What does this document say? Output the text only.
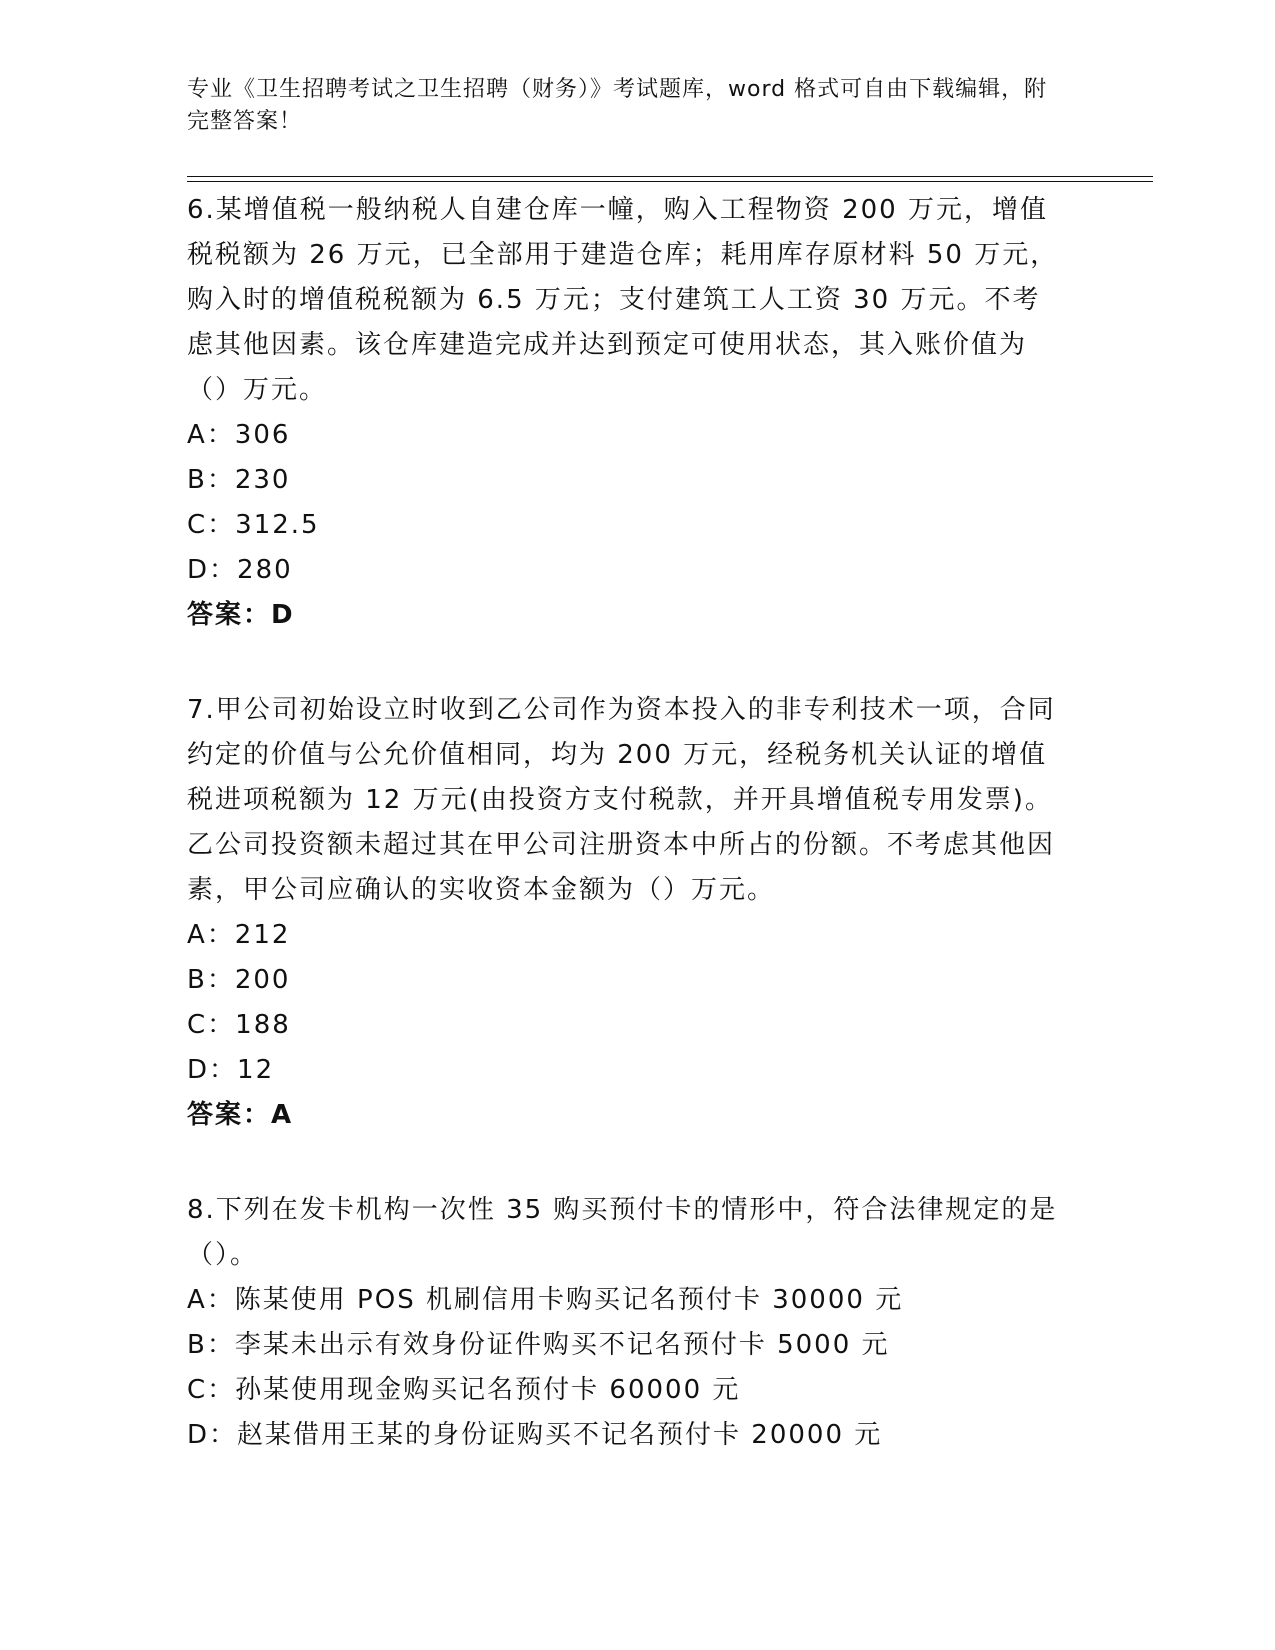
专业《卫生招聘考试之卫生招聘（财务）》考试题库，word 格式可自由下载编辑，附完整答案！

6.某增值税一般纳税人自建仓库一幢，购入工程物资 200 万元，增值税税额为 26 万元，已全部用于建造仓库；耗用库存原材料 50 万元，购入时的增值税税额为 6.5 万元；支付建筑工人工资 30 万元。不考虑其他因素。该仓库建造完成并达到预定可使用状态，其入账价值为（）万元。

A：306

B：230

C：312.5

D：280

答案：D

7.甲公司初始设立时收到乙公司作为资本投入的非专利技术一项，合同约定的价值与公允价值相同，均为 200 万元，经税务机关认证的增值税进项税额为 12 万元(由投资方支付税款，并开具增值税专用发票)。乙公司投资额未超过其在甲公司注册资本中所占的份额。不考虑其他因素，甲公司应确认的实收资本金额为（）万元。

A：212

B：200

C：188

D：12

答案：A

8.下列在发卡机构一次性 35 购买预付卡的情形中，符合法律规定的是（）。

A：陈某使用 POS 机刷信用卡购买记名预付卡 30000 元

B：李某未出示有效身份证件购买不记名预付卡 5000 元

C：孙某使用现金购买记名预付卡 60000 元

D：赵某借用王某的身份证购买不记名预付卡 20000 元
